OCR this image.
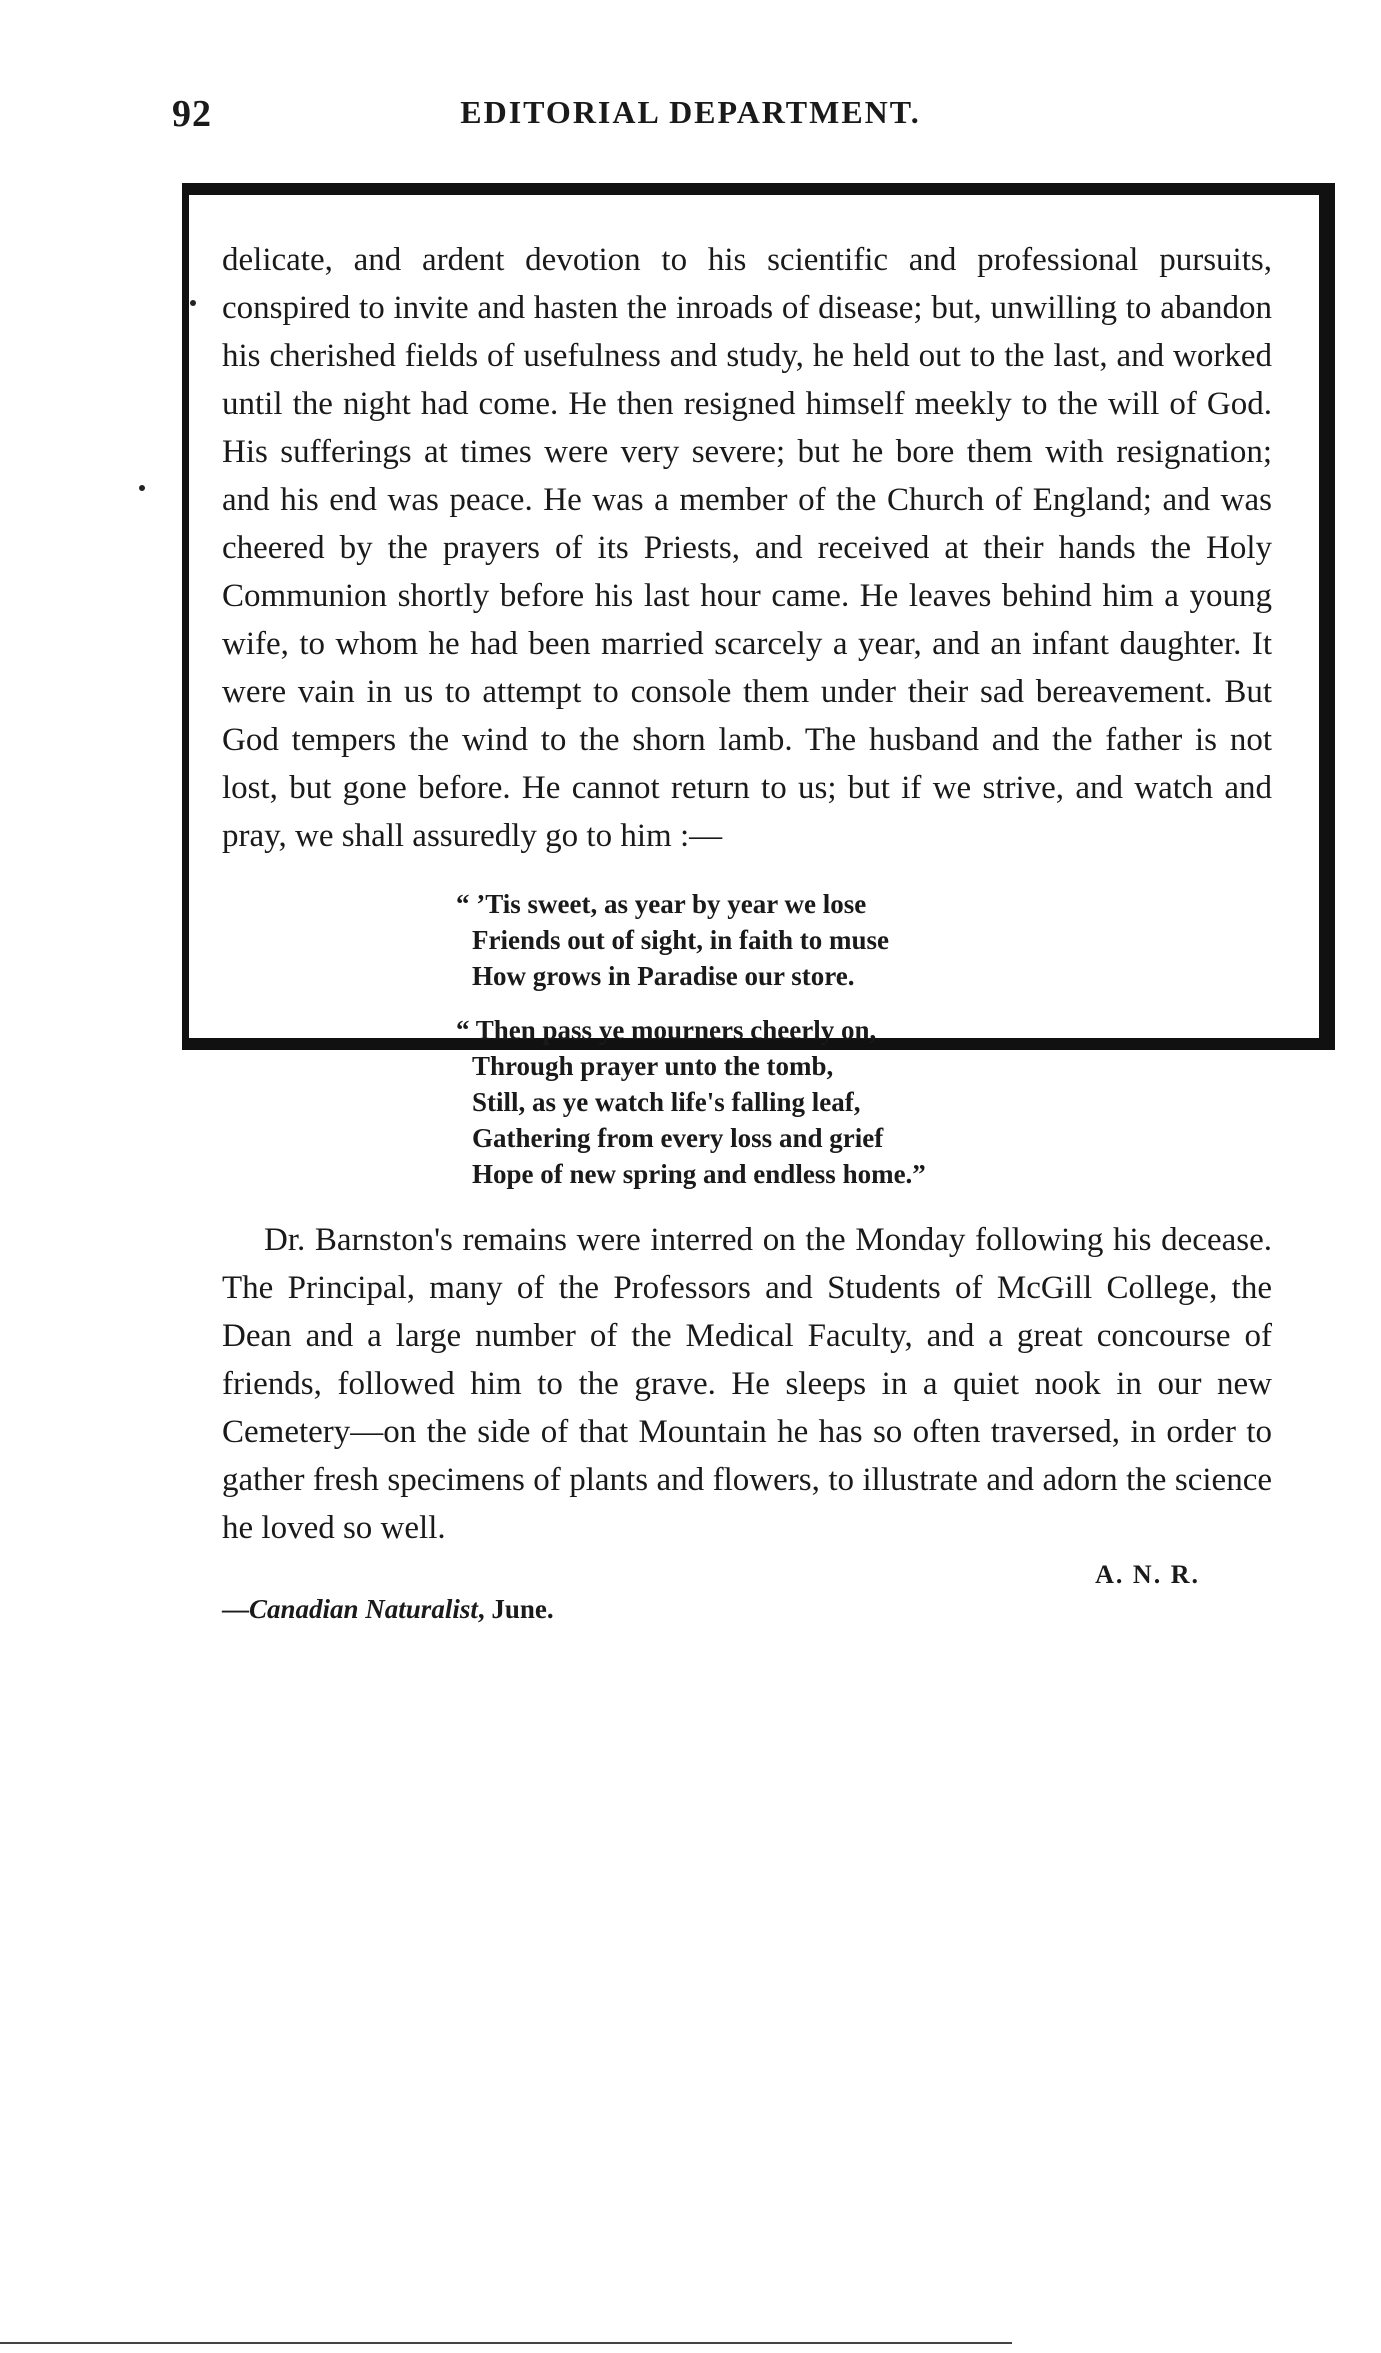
92	EDITORIAL DEPARTMENT.

delicate, and ardent devotion to his scientific and professional pursuits, conspired to invite and hasten the inroads of disease; but, unwilling to abandon his cherished fields of usefulness and study, he held out to the last, and worked until the night had come. He then resigned himself meekly to the will of God. His sufferings at times were very severe; but he bore them with resignation; and his end was peace. He was a member of the Church of England; and was cheered by the prayers of its Priests, and received at their hands the Holy Communion shortly before his last hour came. He leaves behind him a young wife, to whom he had been married scarcely a year, and an infant daughter. It were vain in us to attempt to console them under their sad bereavement. But God tempers the wind to the shorn lamb. The husband and the father is not lost, but gone before. He cannot return to us; but if we strive, and watch and pray, we shall assuredly go to him :—

“ ’Tis sweet, as year by year we lose
Friends out of sight, in faith to muse
How grows in Paradise our store.
“ Then pass ye mourners cheerly on,
Through prayer unto the tomb,
Still, as ye watch life's falling leaf,
Gathering from every loss and grief
Hope of new spring and endless home.”

Dr. Barnston's remains were interred on the Monday following his decease. The Principal, many of the Professors and Students of McGill College, the Dean and a large number of the Medical Faculty, and a great concourse of friends, followed him to the grave. He sleeps in a quiet nook in our new Cemetery—on the side of that Mountain he has so often traversed, in order to gather fresh specimens of plants and flowers, to illustrate and adorn the science he loved so well.

A. N. R.
—Canadian Naturalist, June.
